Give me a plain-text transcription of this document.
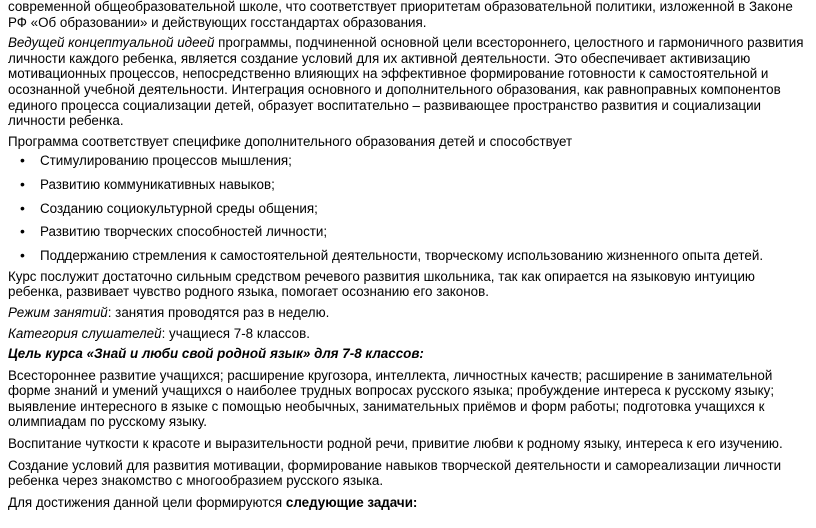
современной общеобразовательной школе, что соответствует приоритетам образовательной политики, изложенной в Законе РФ «Об образовании» и действующих госстандартах образования.

Ведущей концептуальной идеей программы, подчиненной основной цели всестороннего, целостного и гармоничного развития личности каждого ребенка, является создание условий для их активной деятельности. Это обеспечивает активизацию мотивационных процессов, непосредственно влияющих на эффективное формирование готовности к самостоятельной и осознанной учебной деятельности. Интеграция основного и дополнительного образования, как равноправных компонентов единого процесса социализации детей, образует воспитательно – развивающее пространство развития и социализации личности ребенка.

Программа соответствует специфике дополнительного образования детей и способствует

• Стимулированию процессов мышления;
• Развитию коммуникативных навыков;
• Созданию социокультурной среды общения;
• Развитию творческих способностей личности;
• Поддержанию стремления к самостоятельной деятельности, творческому использованию жизненного опыта детей.

Курс послужит достаточно сильным средством речевого развития школьника, так как опирается на языковую интуицию ребенка, развивает чувство родного языка, помогает осознанию его законов.

Режим занятий: занятия проводятся раз в неделю.

Категория слушателей: учащиеся 7-8 классов.

Цель курса «Знай и люби свой родной язык» для 7-8 классов:

Всестороннее развитие учащихся; расширение кругозора, интеллекта, личностных качеств; расширение в занимательной форме знаний и умений учащихся о наиболее трудных вопросах русского языка; пробуждение интереса к русскому языку; выявление интересного в языке с помощью необычных, занимательных приёмов и форм работы; подготовка учащихся к олимпиадам по русскому языку.

Воспитание чуткости к красоте и выразительности родной речи, привитие любви к родному языку, интереса к его изучению.

Создание условий для развития мотивации, формирование навыков творческой деятельности и самореализации личности ребенка через знакомство с многообразием русского языка.

Для достижения данной цели формируются следующие задачи:
